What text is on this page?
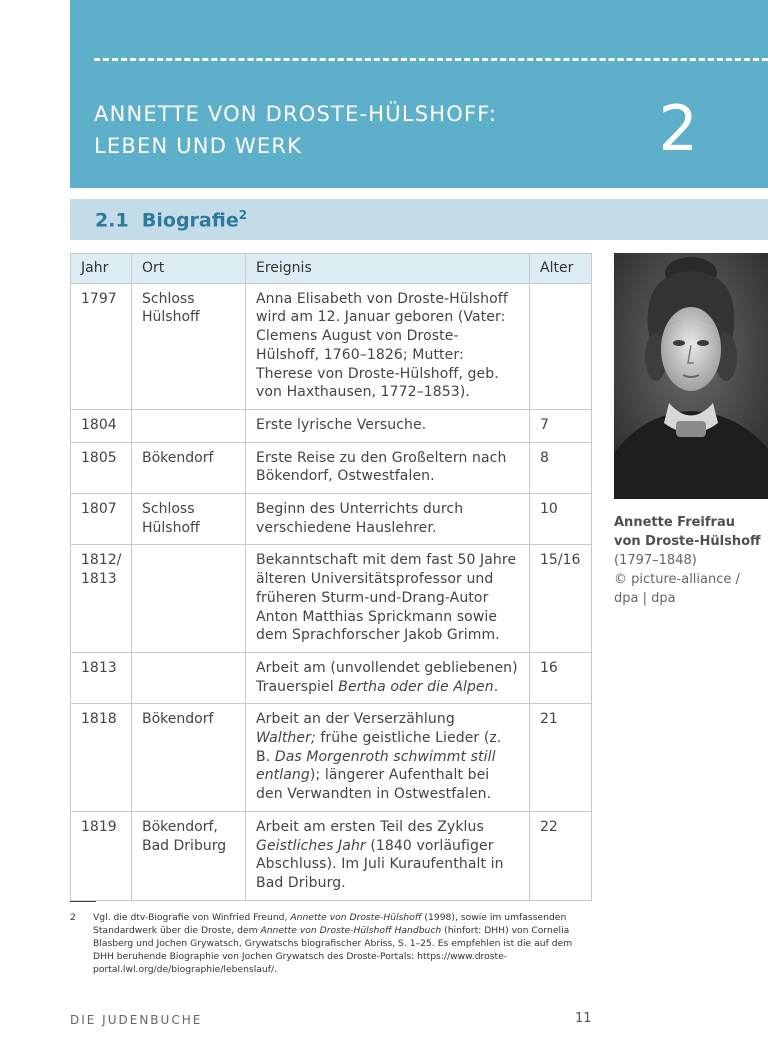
ANNETTE VON DROSTE-HÜLSHOFF:
LEBEN UND WERK	2
2.1 Biografie$^2$
Jahr	Ort	Ereignis	Alter
1797	Schloss Hülshoff	Anna Elisabeth von Droste-Hülshoff wird am 12. Januar geboren (Vater: Clemens August von Droste-Hülshoff, 1760–1826; Mutter: Therese von Droste-Hülshoff, geb. von Haxthausen, 1772–1853).	
1804		Erste lyrische Versuche.	7
1805	Bökendorf	Erste Reise zu den Großeltern nach Bökendorf, Ostwestfalen.	8
1807	Schloss Hülshoff	Beginn des Unterrichts durch verschiedene Hauslehrer.	10
1812/ 1813		Bekanntschaft mit dem fast 50 Jahre älteren Universitätsprofessor und früheren Sturm-und-Drang-Autor Anton Matthias Sprickmann sowie dem Sprachforscher Jakob Grimm.	15/16
1813		Arbeit am (unvollendet gebliebenen) Trauerspiel Bertha oder die Alpen.	16
1818	Bökendorf	Arbeit an der Verserzählung Walther; frühe geistliche Lieder (z. B. Das Morgenroth schwimmt still entlang); längerer Aufenthalt bei den Verwandten in Ostwestfalen.	21
1819	Bökendorf, Bad Driburg	Arbeit am ersten Teil des Zyklus Geistliches Jahr (1840 vorläufiger Abschluss). Im Juli Kuraufenthalt in Bad Driburg.	22
Annette Freifrau von Droste-Hülshoff (1797–1848)
© picture-alliance / dpa | dpa
2 Vgl. die dtv-Biografie von Winfried Freund, Annette von Droste-Hülshoff (1998), sowie im umfassenden Standardwerk über die Droste, dem Annette von Droste-Hülshoff Handbuch (hinfort: DHH) von Cornelia Blasberg und Jochen Grywatsch, Grywatschs biografischer Abriss, S. 1–25. Es empfehlen ist die auf dem DHH beruhende Biographie von Jochen Grywatsch des Droste-Portals: https://www.droste-portal.lwl.org/de/biographie/lebenslauf/.
DIE JUDENBUCHE	11
